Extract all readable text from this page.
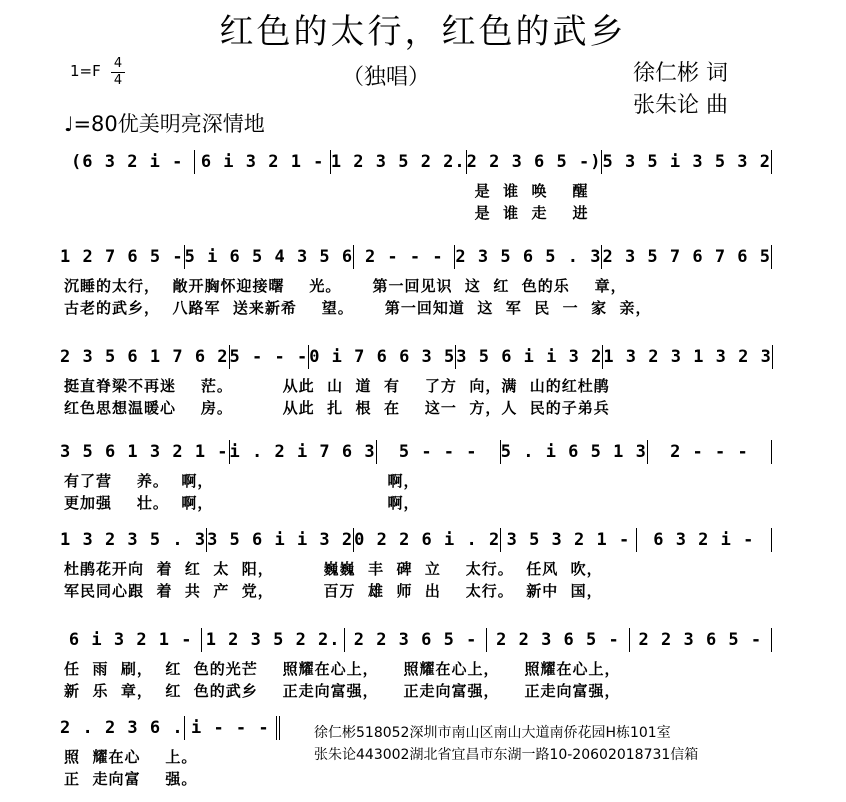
红色的太行，红色的武乡
1=F 4
4	（独唱）	徐仁彬 词
张朱论 曲
♩=80优美明亮深情地
(6 3 2 i -	6 i 3 2 1 - 1 2 3 5 2 2. 2 2 3 6 5 -) 5 3 5 i 3 5 3 2
是  谁  唤    醒
是  谁  走    进
1 2 7 6 5 - 5 i 6 5 4 3 5 6 2 - - - 2 3 5 6 5 . 3 2 3 5 7 6 7 6 5
沉睡的太行，  敞开胸怀迎接曙    光。     第一回见识  这  红  色的乐    章，
古老的武乡，  八路军  送来新希    望。     第一回知道  这  军  民  一  家  亲，
2 3 5 6 1 7 6 2 5 - - - 0 i 7 6 6 3 5 3 5 6 i i 3 2 1 3 2 3 1 3 2 3
挺直脊梁不再迷    茫。        从此  山  道  有    了方  向，满  山的红杜鹃
红色思想温暖心    房。        从此  扎  根  在    这一  方，人  民的子弟兵
3 5 6 1 3 2 1 - i . 2 i 7 6 3	5 - - -	5 . i 6 5 1 3	2 - - -
有了营    养。  啊，                            啊，
更加强    壮。  啊，                            啊，
1 3 2 3 5 . 3 3 5 6 i i 3 2 0 2 2 6 i . 2 3 5 3 2 1 -	6 3 2 i -
杜鹃花开向  着  红  太  阳，        巍巍  丰  碑  立    太行。  任风  吹，
军民同心跟  着  共  产  党，        百万  雄  师  出    太行。  新中  国，
6 i 3 2 1 - 1 2 3 5 2 2. 2 2 3 6 5 -	2 2 3 6 5 -	2 2 3 6 5 -
任  雨  刷，  红  色的光芒    照耀在心上，    照耀在心上，    照耀在心上，
新  乐  章，  红  色的武乡    正走向富强，    正走向富强，    正走向富强，
2 . 2 3 6 . i - - -
照  耀在心    上。
正  走向富    强。
徐仁彬518052深圳市南山区南山大道南侨花园H栋101室
张朱论443002湖北省宜昌市东湖一路10-20602018731信箱
